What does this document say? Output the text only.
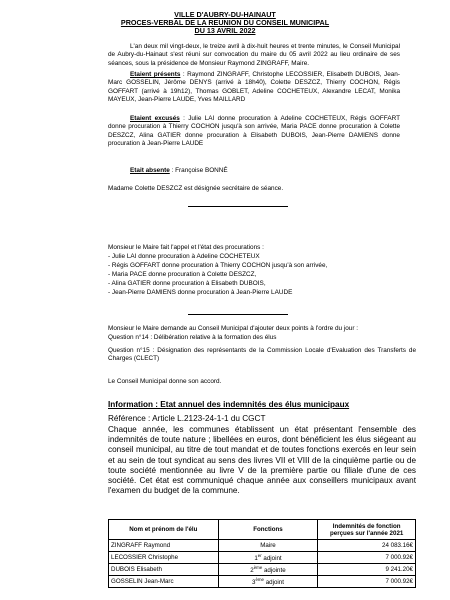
VILLE D'AUBRY-DU-HAINAUT
PROCES-VERBAL DE LA REUNION DU CONSEIL MUNICIPAL
DU 13 AVRIL 2022
L'an deux mil vingt-deux, le treize avril à dix-huit heures et trente minutes, le Conseil Municipal de Aubry-du-Hainaut s'est réuni sur convocation du maire du 05 avril 2022 au lieu ordinaire de ses séances, sous la présidence de Monsieur Raymond ZINGRAFF, Maire.
Etaient présents : Raymond ZINGRAFF, Christophe LECOSSIER, Elisabeth DUBOIS, Jean-Marc GOSSELIN, Jérôme DENYS (arrivé à 18h40), Colette DESZCZ, Thierry COCHON, Régis GOFFART (arrivé à 19h12), Thomas GOBLET, Adeline COCHETEUX, Alexandre LECAT, Monika MAYEUX, Jean-Pierre LAUDE, Yves MAILLARD
Etaient excusés : Julie LAI donne procuration à Adeline COCHETEUX, Régis GOFFART donne procuration à Thierry COCHON jusqu'à son arrivée, Maria PACE donne procuration à Colette DESZCZ, Alina GATIER donne procuration à Elisabeth DUBOIS, Jean-Pierre DAMIENS donne procuration à Jean-Pierre LAUDE
Etait absente : Françoise BONNÉ
Madame Colette DESZCZ est désignée secrétaire de séance.
Monsieur le Maire fait l'appel et l'état des procurations :
- Julie LAI donne procuration à Adeline COCHETEUX
- Régis GOFFART donne procuration à Thierry COCHON jusqu'à son arrivée,
- Maria PACE donne procuration à Colette DESZCZ,
- Alina GATIER donne procuration à Elisabeth DUBOIS,
- Jean-Pierre DAMIENS donne procuration à Jean-Pierre LAUDE
Monsieur le Maire demande au Conseil Municipal d'ajouter deux points à l'ordre du jour :
Question n°14 : Délibération relative à la formation des élus
Question n°15 : Désignation des représentants de la Commission Locale d'Evaluation des Transferts de Charges (CLECT)
Le Conseil Municipal donne son accord.
Information : Etat annuel des indemnités des élus municipaux
Référence : Article L.2123-24-1-1 du CGCT
Chaque année, les communes établissent un état présentant l'ensemble des indemnités de toute nature ; libellées en euros, dont bénéficient les élus siégeant au conseil municipal, au titre de tout mandat et de toutes fonctions exercés en leur sein et au sein de tout syndicat au sens des livres VII et VIII de la cinquième partie ou de toute société mentionnée au livre V de la première partie ou filiale d'une de ces société. Cet état est communiqué chaque année aux conseillers municipaux avant l'examen du budget de la commune.
Nom et prénom de l'élu	Fonctions	Indemnités de fonction perçues sur l'année 2021
ZINGRAFF Raymond	Maire	24 083.16€
LECOSSIER Christophe	1er adjoint	7 000.92€
DUBOIS Elisabeth	2ème adjointe	9 241.20€
GOSSELIN Jean-Marc	3ème adjoint	7 000.92€
